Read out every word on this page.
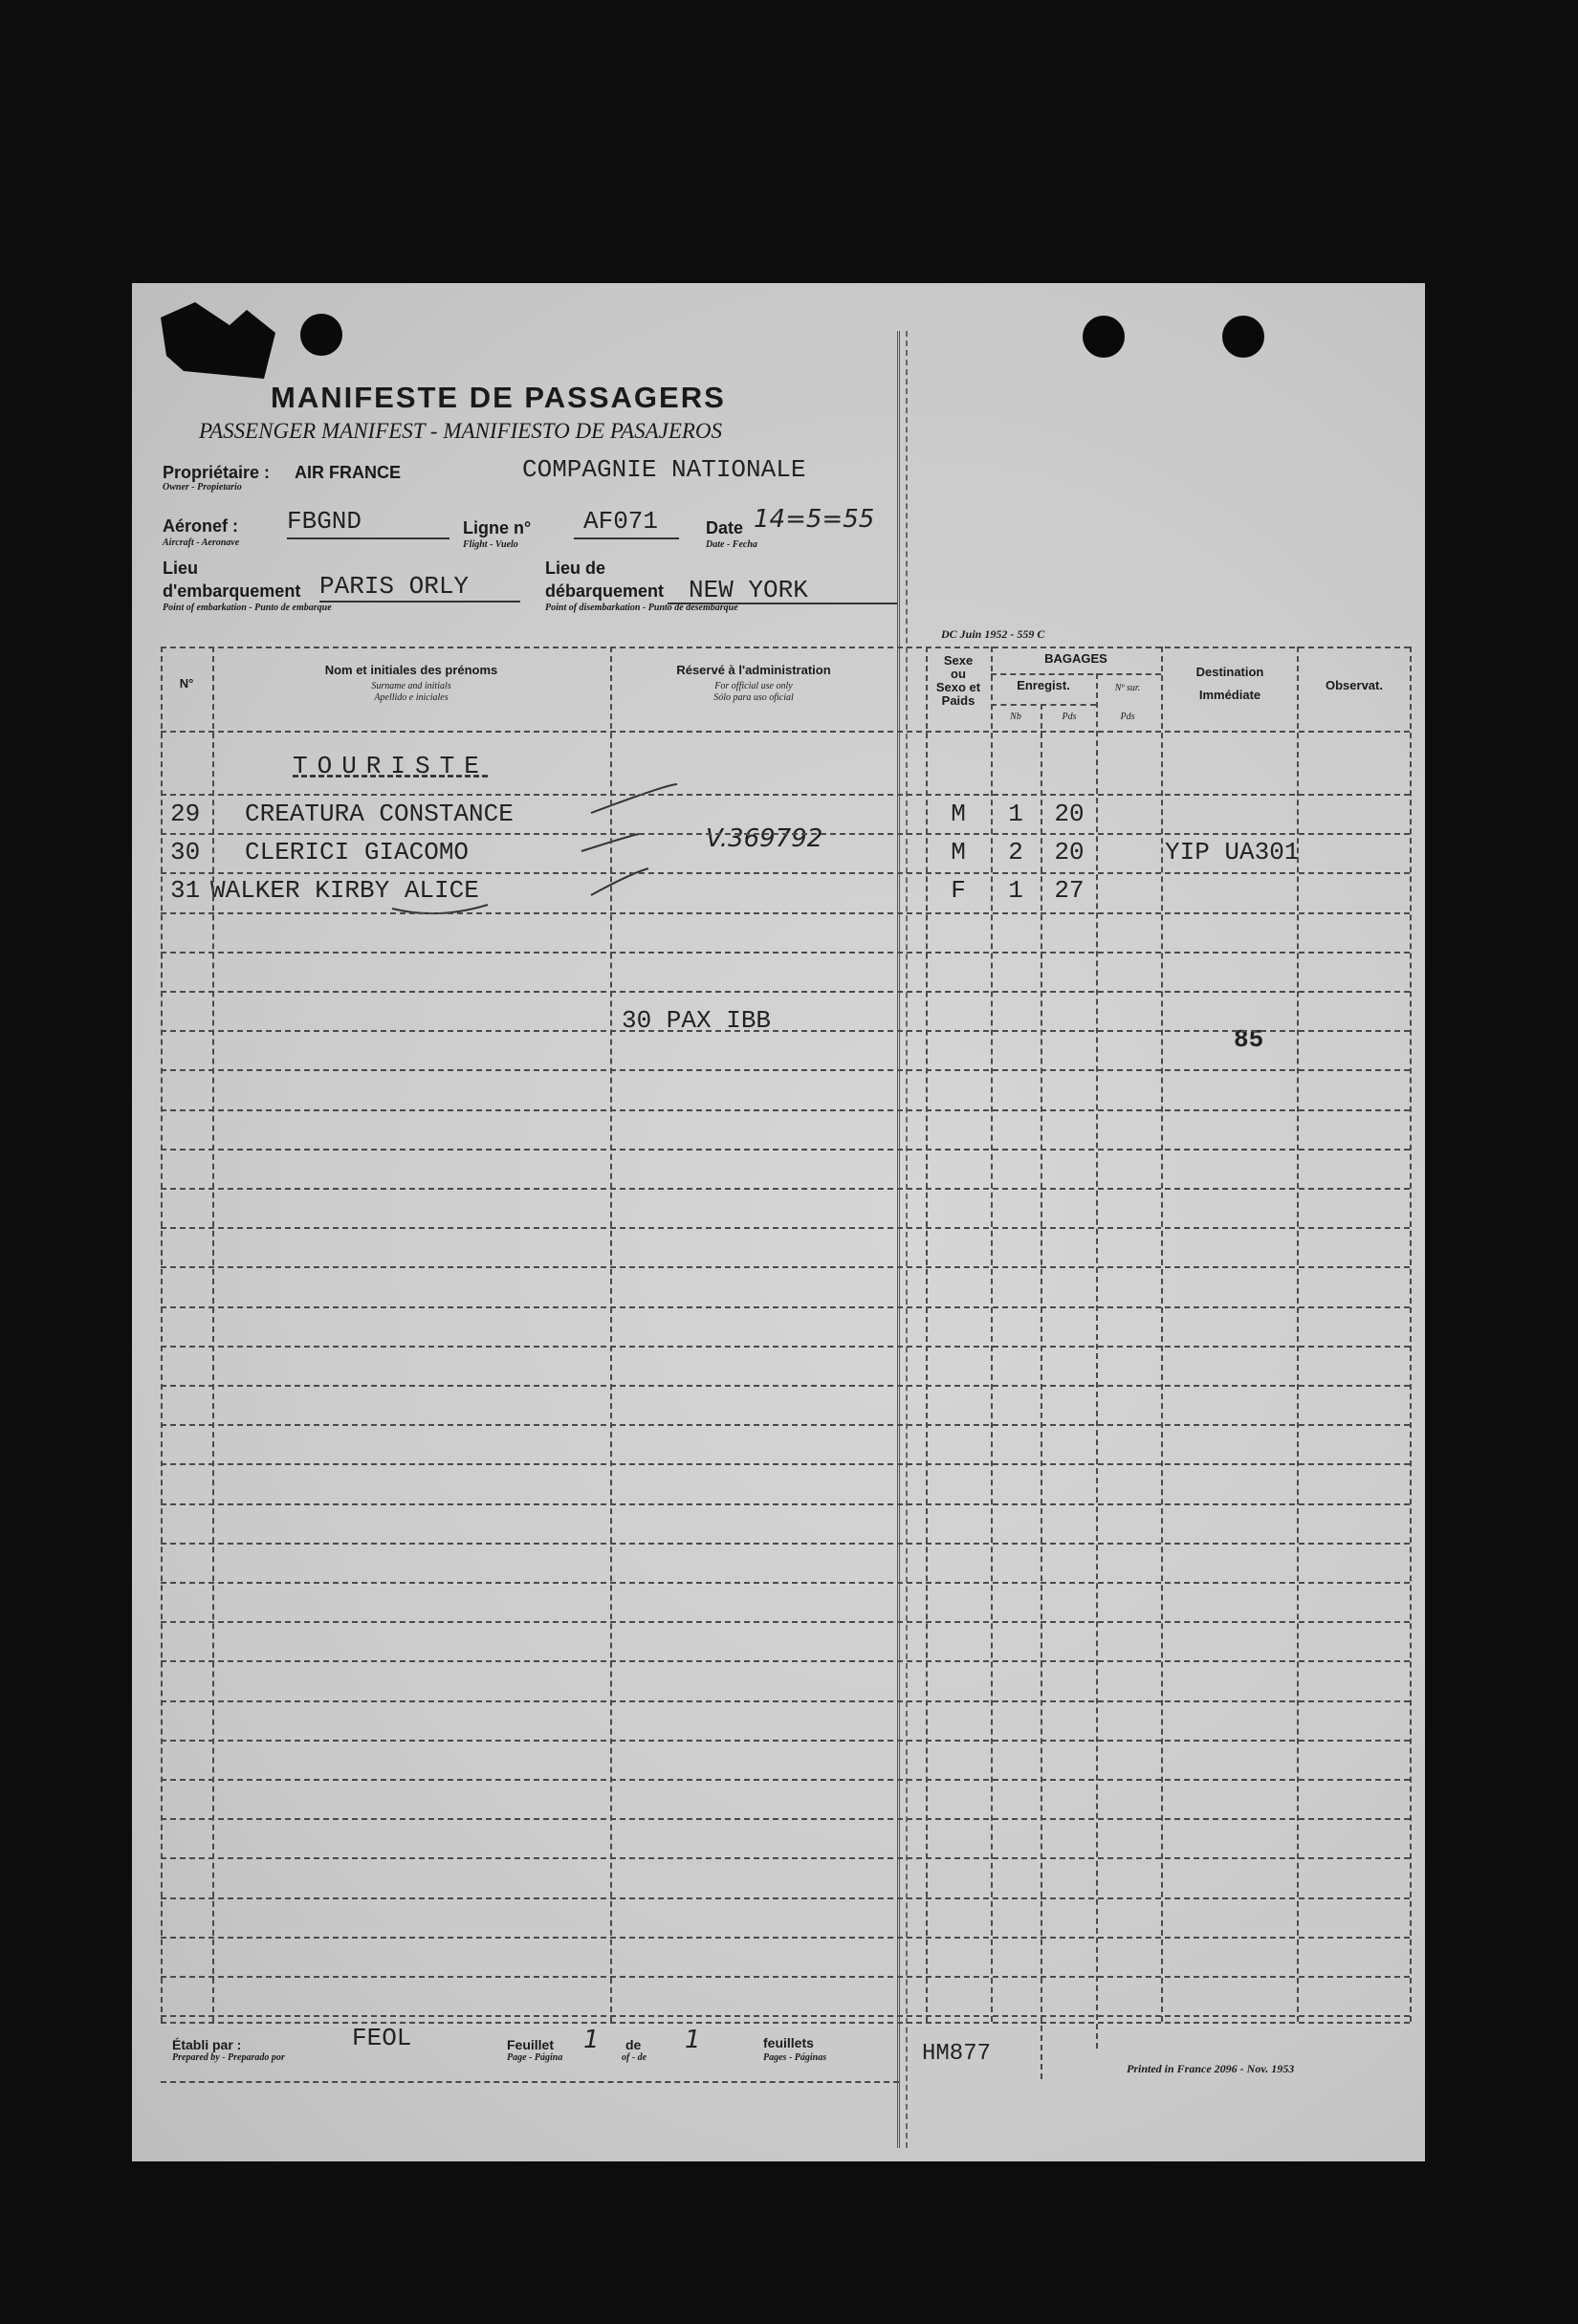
MANIFESTE DE PASSAGERS
PASSENGER MANIFEST - MANIFIESTO DE PASAJEROS
Propriétaire :
Owner - Propietario
AIR FRANCE	COMPAGNIE NATIONALE
Aéronef :
Aircraft - Aeronave
FBGND	Ligne n°
Flight - Vuelo
AF071	Date
Date - Fecha
14=5=55
Lieu
d'embarquement
Point of embarkation - Punto de embarque
PARIS ORLY
Lieu de
débarquement
Point of disembarkation - Punto de desembarque
NEW YORK
DC Juin 1952 - 559 C
N°
Nom et initiales des prénoms
Surname and initials
Apellido e iniciales
Réservé à l'administration
For official use only
Sólo para uso oficial
Sexe
ou
Sexo et
Paids
BAGAGES
Enregist.	Nº sur.
Nb	Pds	Pds
Destination
Immédiate
Observat.
TOURISTE
29 CREATURA CONSTANCE	M	1	20
30 CLERICI GIACOMO	V.369792	M	2	20	YIP UA301
31 WALKER KIRBY ALICE	F	1	27
30 PAX IBB
85
Établi par :
Prepared by - Preparado por
FEOL	Feuillet
Page - Página
1 de
of - de
1	feuillets
Pages - Páginas	HM877
Printed in France 2096 - Nov. 1953
